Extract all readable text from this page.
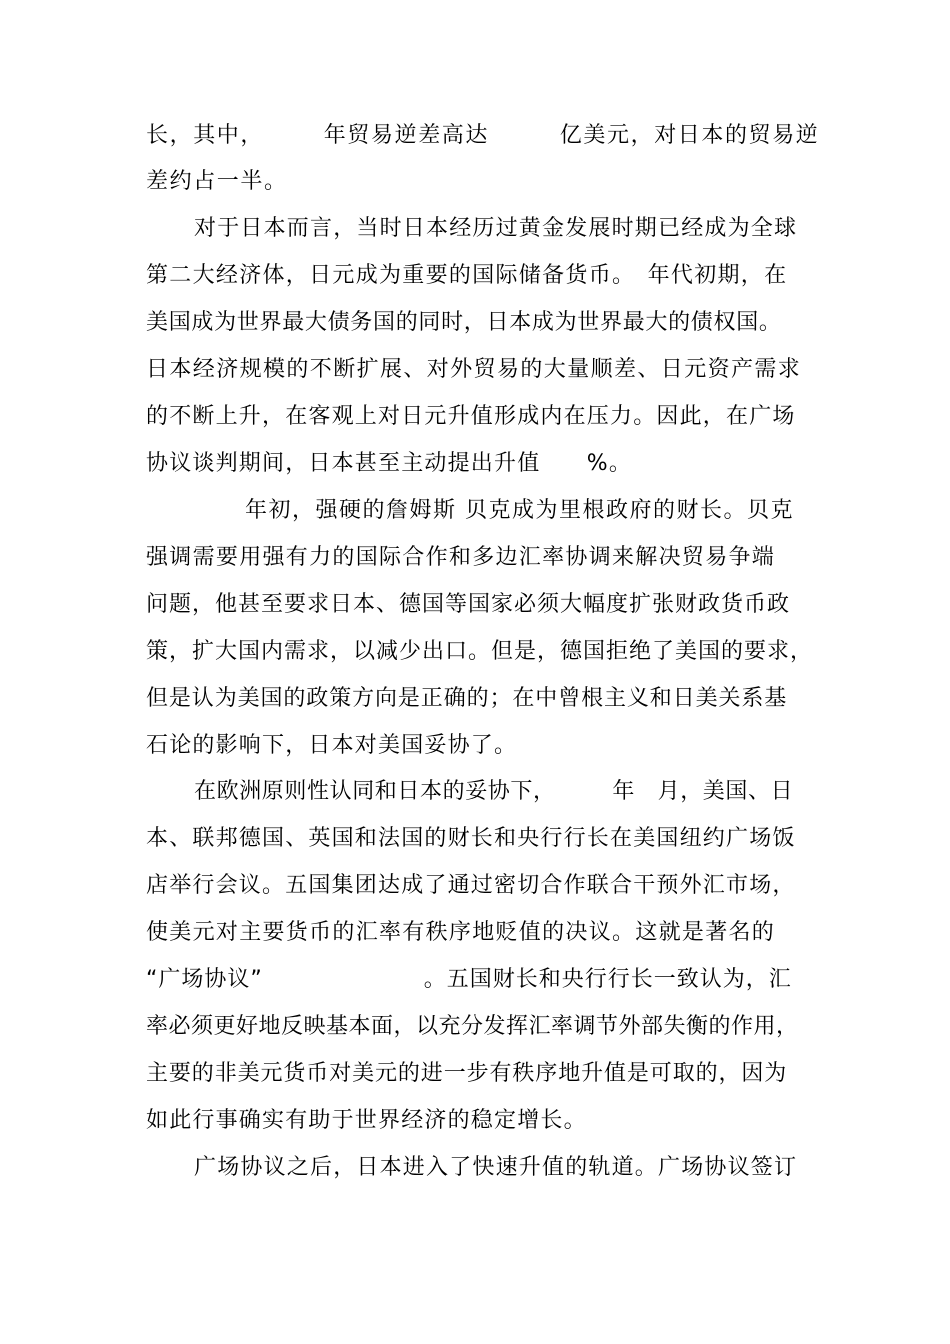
长，其中，　　　年贸易逆差高达　　　亿美元，对日本的贸易逆
差约占一半。
对于日本而言，当时日本经历过黄金发展时期已经成为全球
第二大经济体，日元成为重要的国际储备货币。　年代初期，在
美国成为世界最大债务国的同时，日本成为世界最大的债权国。
日本经济规模的不断扩展、对外贸易的大量顺差、日元资产需求
的不断上升，在客观上对日元升值形成内在压力。因此，在广场
协议谈判期间，日本甚至主动提出升值　　%。
年初，强硬的詹姆斯 贝克成为里根政府的财长。贝克
强调需要用强有力的国际合作和多边汇率协调来解决贸易争端
问题，他甚至要求日本、德国等国家必须大幅度扩张财政货币政
策，扩大国内需求，以减少出口。但是，德国拒绝了美国的要求，
但是认为美国的政策方向是正确的；在中曾根主义和日美关系基
石论的影响下，日本对美国妥协了。
在欧洲原则性认同和日本的妥协下，　　　年　月，美国、日
本、联邦德国、英国和法国的财长和央行行长在美国纽约广场饭
店举行会议。五国集团达成了通过密切合作联合干预外汇市场，
使美元对主要货币的汇率有秩序地贬值的决议。这就是著名的
“广场协议”　　　　　　　。五国财长和央行行长一致认为，汇
率必须更好地反映基本面，以充分发挥汇率调节外部失衡的作用，
主要的非美元货币对美元的进一步有秩序地升值是可取的，因为
如此行事确实有助于世界经济的稳定增长。
广场协议之后，日本进入了快速升值的轨道。广场协议签订
